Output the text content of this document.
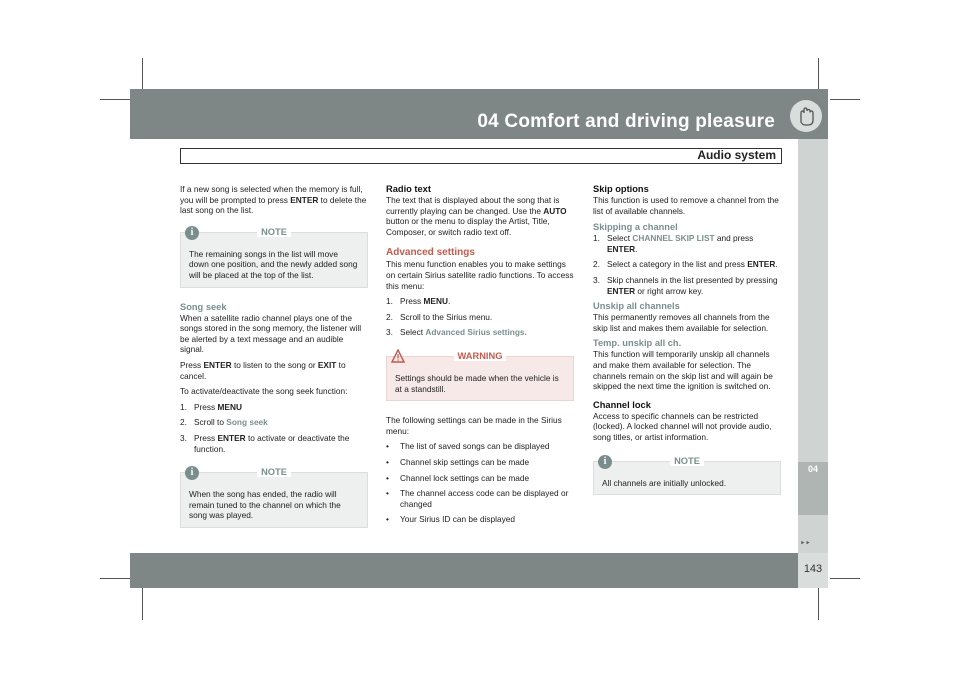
04 Comfort and driving pleasure
Audio system
04
‣‣
143

If a new song is selected when the memory is full, you will be prompted to press ENTER to delete the last song on the list.

i	NOTE
The remaining songs in the list will move down one position, and the newly added song will be placed at the top of the list.
Song seek

When a satellite radio channel plays one of the songs stored in the song memory, the listener will be alerted by a text message and an audible signal.

Press ENTER to listen to the song or EXIT to cancel.

To activate/deactivate the song seek function:

1. Press MENU
2. Scroll to Song seek
3. Press ENTER to activate or deactivate the function.
i	NOTE
When the song has ended, the radio will remain tuned to the channel on which the song was played.
Radio text

The text that is displayed about the song that is currently playing can be changed. Use the AUTO button or the menu to display the Artist, Title, Composer, or switch radio text off.

Advanced settings

This menu function enables you to make settings on certain Sirius satellite radio functions. To access this menu:

1. Press MENU.
2. Scroll to the Sirius menu.
3. Select Advanced Sirius settings.
WARNING
Settings should be made when the vehicle is at a standstill.

The following settings can be made in the Sirius menu:

• The list of saved songs can be displayed
• Channel skip settings can be made
• Channel lock settings can be made
• The channel access code can be displayed or changed
• Your Sirius ID can be displayed
Skip options

This function is used to remove a channel from the list of available channels.

Skipping a channel
1. Select CHANNEL SKIP LIST and press ENTER.
2. Select a category in the list and press ENTER.
3. Skip channels in the list presented by pressing ENTER or right arrow key.
Unskip all channels

This permanently removes all channels from the skip list and makes them available for selection.

Temp. unskip all ch.

This function will temporarily unskip all channels and make them available for selection. The channels remain on the skip list and will again be skipped the next time the ignition is switched on.

Channel lock

Access to specific channels can be restricted (locked). A locked channel will not provide audio, song titles, or artist information.

i	NOTE
All channels are initially unlocked.
